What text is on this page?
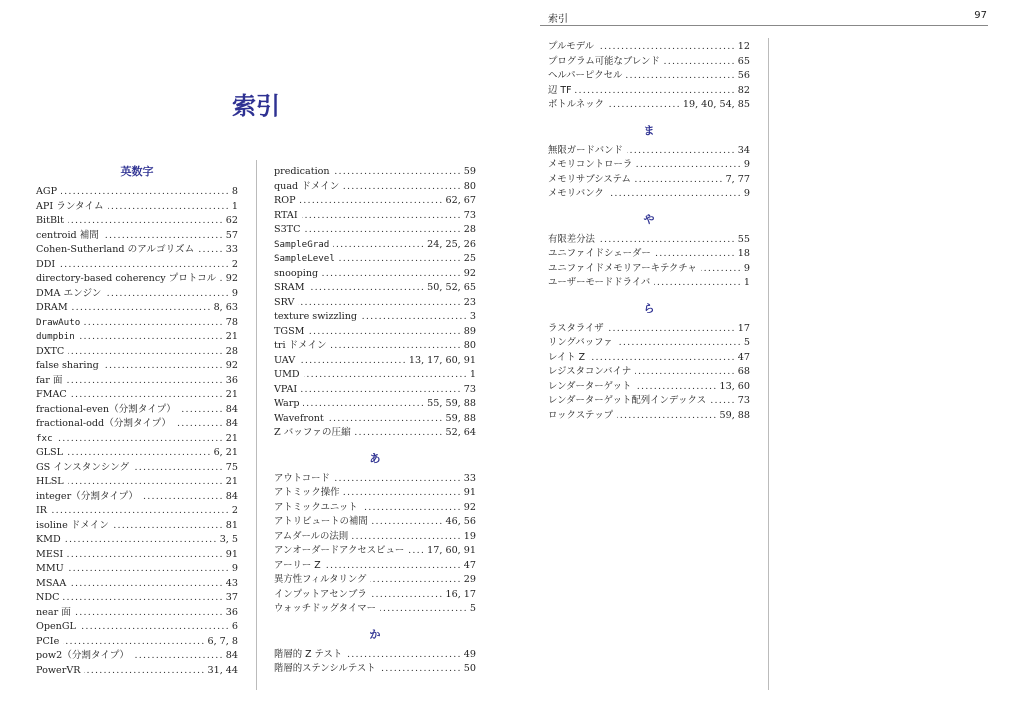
索引	97
索引
英数字
AGP .....	8
API ランタイム .....	1
BitBlt .....	62
centroid 補間 .....	57
Cohen-Sutherland のアルゴリズム .....	33
DDI .....	2
directory-based coherency プロトコル ..... 92
DMA エンジン .....	9
DRAM .....	8, 63
DrawAuto .....	78
dumpbin .....	21
DXTC .....	28
false sharing .....	92
far 面 .....	36
FMAC .....	21
fractional-even（分割タイプ） .....	84
fractional-odd（分割タイプ） .....	84
fxc .....	21
GLSL .....	6, 21
GS インスタンシング .....	75
HLSL .....	21
integer（分割タイプ） .....	84
IR .....	2
isoline ドメイン .....	81
KMD .....	3, 5
MESI .....	91
MMU .....	9
MSAA .....	43
NDC .....	37
near 面 .....	36
OpenGL .....	6
PCIe .....	6, 7, 8
pow2（分割タイプ） .....	84
PowerVR .....	31, 44
predication .....	59
quad ドメイン .....	80
ROP .....	62, 67
RTAI .....	73
S3TC .....	28
SampleGrad .....	24, 25, 26
SampleLevel .....	25
snooping .....	92
SRAM .....	50, 52, 65
SRV .....	23
texture swizzling .....	3
TGSM .....	89
tri ドメイン .....	80
UAV .....	13, 17, 60, 91
UMD .....	1
VPAI .....	73
Warp .....	55, 59, 88
Wavefront .....	59, 88
Z バッファの圧縮 .....	52, 64
あ
アウトコード .....	33
アトミック操作 .....	91
アトミックユニット .....	92
アトリビュートの補間 .....	46, 56
アムダールの法則 .....	19
アンオーダードアクセスビュー ..... 17, 60, 91
アーリー Z .....	47
異方性フィルタリング .....	29
インプットアセンブラ .....	16, 17
ウォッチドッグタイマー .....	5
か
階層的 Z テスト .....	49
階層的ステンシルテスト .....	50
プルモデル .....	12
プログラム可能なブレンド .....	65
ヘルパーピクセル .....	56
辺 TF .....	82
ボトルネック .....	19, 40, 54, 85
ま
無限ガードバンド .....	34
メモリコントローラ .....	9
メモリサブシステム .....	7, 77
メモリバンク .....	9
や
有限差分法 .....	55
ユニファイドシェーダー .....	18
ユニファイドメモリアーキテクチャ .....	9
ユーザーモードドライバ .....	1
ら
ラスタライザ .....	17
リングバッファ .....	5
レイト Z .....	47
レジスタコンバイナ .....	68
レンダーターゲット .....	13, 60
レンダーターゲット配列インデックス .....	73
ロックステップ .....	59, 88
